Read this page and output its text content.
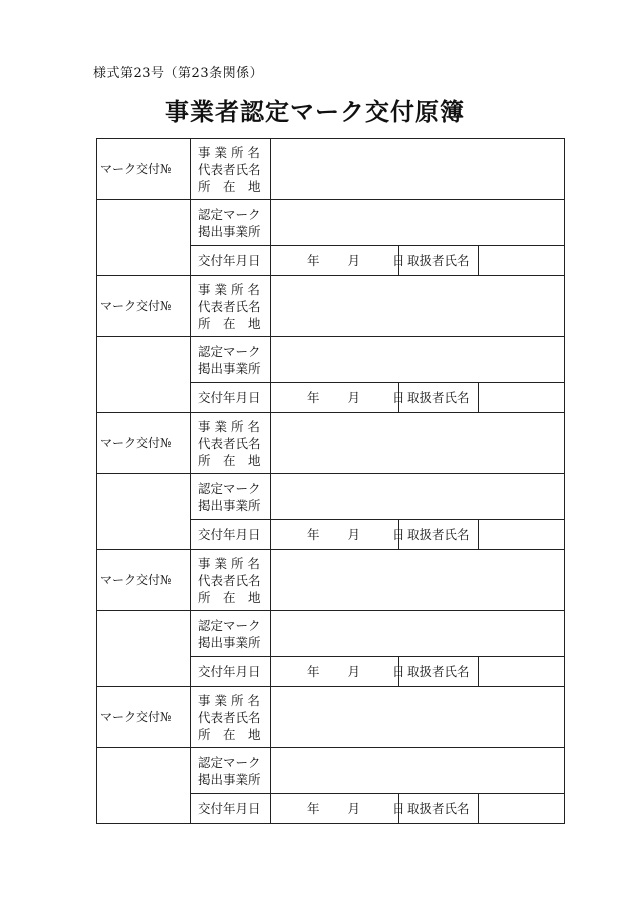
様式第23号（第23条関係）
事業者認定マーク交付原簿
マーク交付№	事 業 所 名
代表者氏名
所　在　地			

	認定マーク
掲出事業所			

	交付年月日	年 月 日	取扱者氏名	
マーク交付№	事 業 所 名
代表者氏名
所　在　地			

	認定マーク
掲出事業所			

	交付年月日	年 月 日	取扱者氏名	
マーク交付№	事 業 所 名
代表者氏名
所　在　地			

	認定マーク
掲出事業所			

	交付年月日	年 月 日	取扱者氏名	
マーク交付№	事 業 所 名
代表者氏名
所　在　地			

	認定マーク
掲出事業所			

	交付年月日	年 月 日	取扱者氏名	
マーク交付№	事 業 所 名
代表者氏名
所　在　地			

	認定マーク
掲出事業所			

	交付年月日	年 月 日	取扱者氏名	
